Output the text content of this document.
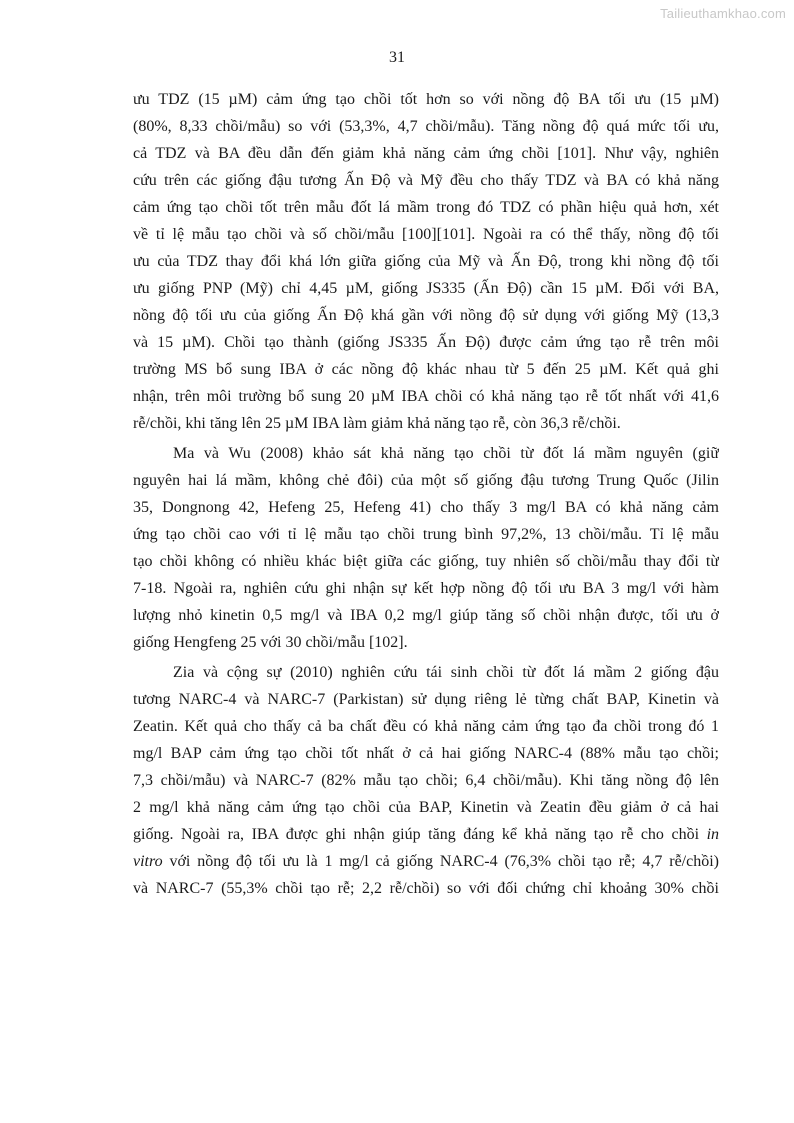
Tailieuthamkhao.com
31

ưu TDZ (15 µM) cảm ứng tạo chồi tốt hơn so với nồng độ BA tối ưu (15 µM)
(80%, 8,33 chồi/mẫu) so với (53,3%, 4,7 chồi/mẫu). Tăng nồng độ quá mức tối ưu,
cả TDZ và BA đều dẫn đến giảm khả năng cảm ứng chồi [101]. Như vậy, nghiên
cứu trên các giống đậu tương Ấn Độ và Mỹ đều cho thấy TDZ và BA có khả năng
cảm ứng tạo chồi tốt trên mẫu đốt lá mầm trong đó TDZ có phần hiệu quả hơn, xét
về tỉ lệ mẫu tạo chồi và số chồi/mẫu [100][101]. Ngoài ra có thể thấy, nồng độ tối
ưu của TDZ thay đổi khá lớn giữa giống của Mỹ và Ấn Độ, trong khi nồng độ tối
ưu giống PNP (Mỹ) chỉ 4,45 µM, giống JS335 (Ấn Độ) cần 15 µM. Đối với BA,
nồng độ tối ưu của giống Ấn Độ khá gần với nồng độ sử dụng với giống Mỹ (13,3
và 15 µM). Chồi tạo thành (giống JS335 Ấn Độ) được cảm ứng tạo rễ trên môi
trường MS bổ sung IBA ở các nồng độ khác nhau từ 5 đến 25 µM. Kết quả ghi
nhận, trên môi trường bổ sung 20 µM IBA chồi có khả năng tạo rễ tốt nhất với 41,6
rễ/chồi, khi tăng lên 25 µM IBA làm giảm khả năng tạo rễ, còn 36,3 rễ/chồi.

Ma và Wu (2008) khảo sát khả năng tạo chồi từ đốt lá mầm nguyên (giữ
nguyên hai lá mầm, không chẻ đôi) của một số giống đậu tương Trung Quốc (Jilin
35, Dongnong 42, Hefeng 25, Hefeng 41) cho thấy 3 mg/l BA có khả năng cảm
ứng tạo chồi cao với tỉ lệ mẫu tạo chồi trung bình 97,2%, 13 chồi/mẫu. Tỉ lệ mẫu
tạo chồi không có nhiều khác biệt giữa các giống, tuy nhiên số chồi/mẫu thay đổi từ
7-18. Ngoài ra, nghiên cứu ghi nhận sự kết hợp nồng độ tối ưu BA 3 mg/l với hàm
lượng nhỏ kinetin 0,5 mg/l và IBA 0,2 mg/l giúp tăng số chồi nhận được, tối ưu ở
giống Hengfeng 25 với 30 chồi/mẫu [102].

Zia và cộng sự (2010) nghiên cứu tái sinh chồi từ đốt lá mầm 2 giống đậu
tương NARC-4 và NARC-7 (Parkistan) sử dụng riêng lẻ từng chất BAP, Kinetin và
Zeatin. Kết quả cho thấy cả ba chất đều có khả năng cảm ứng tạo đa chồi trong đó 1
mg/l BAP cảm ứng tạo chồi tốt nhất ở cả hai giống NARC-4 (88% mẫu tạo chồi;
7,3 chồi/mẫu) và NARC-7 (82% mẫu tạo chồi; 6,4 chồi/mẫu). Khi tăng nồng độ lên
2 mg/l khả năng cảm ứng tạo chồi của BAP, Kinetin và Zeatin đều giảm ở cả hai
giống. Ngoài ra, IBA được ghi nhận giúp tăng đáng kể khả năng tạo rễ cho chồi in
vitro với nồng độ tối ưu là 1 mg/l cả giống NARC-4 (76,3% chồi tạo rễ; 4,7 rễ/chồi)
và NARC-7 (55,3% chồi tạo rễ; 2,2 rễ/chồi) so với đối chứng chỉ khoảng 30% chồi
